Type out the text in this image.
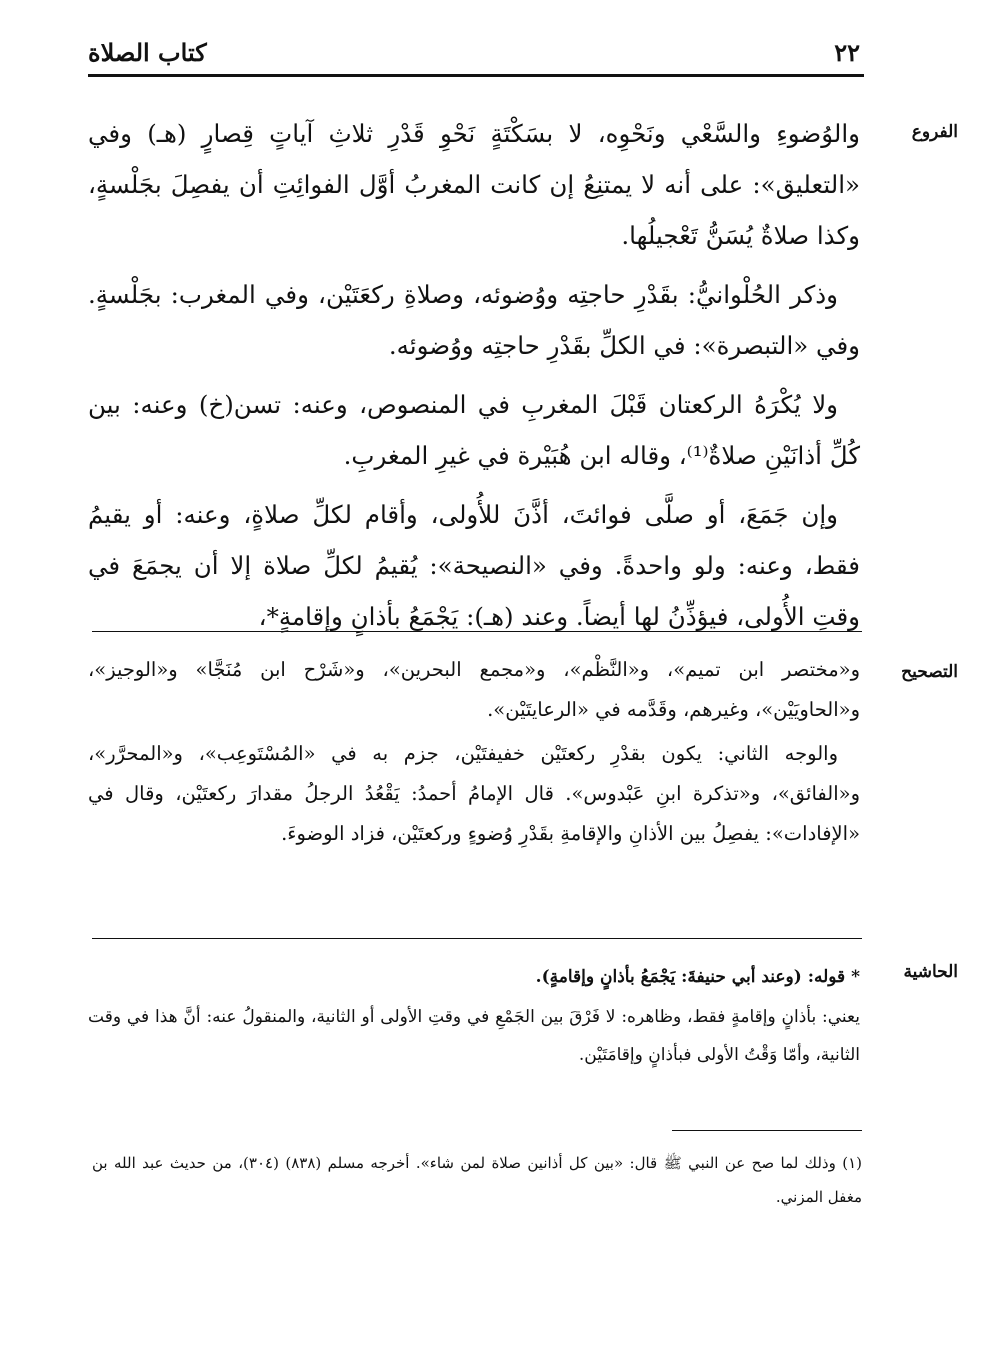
٢٢
كتاب الصلاة
الفروع

والوُضوءِ والسَّعْي ونَحْوِه، لا بسَكْتَةٍ نَحْوِ قَدْرِ ثلاثِ آياتٍ قِصارٍ (هـ) وفي «التعليق»: على أنه لا يمتنِعُ إن كانت المغربُ أوَّل الفوائِتِ أن يفصِلَ بجَلْسةٍ، وكذا صلاةٌ يُسَنُّ تَعْجيلُها.

وذكر الحُلْوانيُّ: بقَدْرِ حاجتِه ووُضوئه، وصلاةِ ركعَتَيْن، وفي المغرب: بجَلْسةٍ. وفي «التبصرة»: في الكلِّ بقَدْرِ حاجتِه ووُضوئه.

ولا يُكْرَهُ الركعتان قَبْلَ المغربِ في المنصوص، وعنه: تسن(خ) وعنه: بين كُلِّ أذانَيْنِ صلاةٌ⁽¹⁾، وقاله ابن هُبَيْرة في غيرِ المغربِ.

وإن جَمَعَ، أو صلَّى فوائتَ، أذَّنَ للأُولى، وأقام لكلِّ صلاةٍ، وعنه: أو يقيمُ فقط، وعنه: ولو واحدةً. وفي «النصيحة»: يُقيمُ لكلِّ صلاة إلا أن يجمَعَ في وقتِ الأُولى، فيؤذِّنُ لها أيضاً. وعند (هـ): يَجْمَعُ بأذانٍ وإقامةٍ*،

التصحيح

و«مختصر ابن تميم»، و«النَّظْم»، و«مجمع البحرين»، و«شَرْح ابن مُنَجَّا» و«الوجيز»، و«الحاويَيْن»، وغيرهم، وقَدَّمه في «الرعايتَيْن».

والوجه الثاني: يكون بقدْرِ ركعتَيْن خفيفتَيْن، جزم به في «المُسْتَوعِب»، و«المحرَّر»، و«الفائق»، و«تذكرة ابنِ عَبْدوس». قال الإمامُ أحمدُ: يَقْعُدُ الرجلُ مقدارَ ركعتَيْن، وقال في «الإفادات»: يفصِلُ بين الأذانِ والإقامةِ بقَدْرِ وُضوءٍ وركعتَيْن، فزاد الوضوءَ.

الحاشية

* قوله: (وعند أبي حنيفةَ: يَجْمَعُ بأذانٍ وإقامةٍ).

يعني: بأذانٍ وإقامةٍ فقط، وظاهره: لا فَرْقَ بين الجَمْعِ في وقتِ الأولى أو الثانية، والمنقولُ عنه: أنَّ هذا في وقت الثانية، وأمّا وَقْتُ الأولى فبأذانٍ وإقامَتَيْن.

(١) وذلك لما صح عن النبي ﷺ قال: «بين كل أذانين صلاة لمن شاء». أخرجه مسلم (٨٣٨) (٣٠٤)، من حديث عبد الله بن مغفل المزني.
